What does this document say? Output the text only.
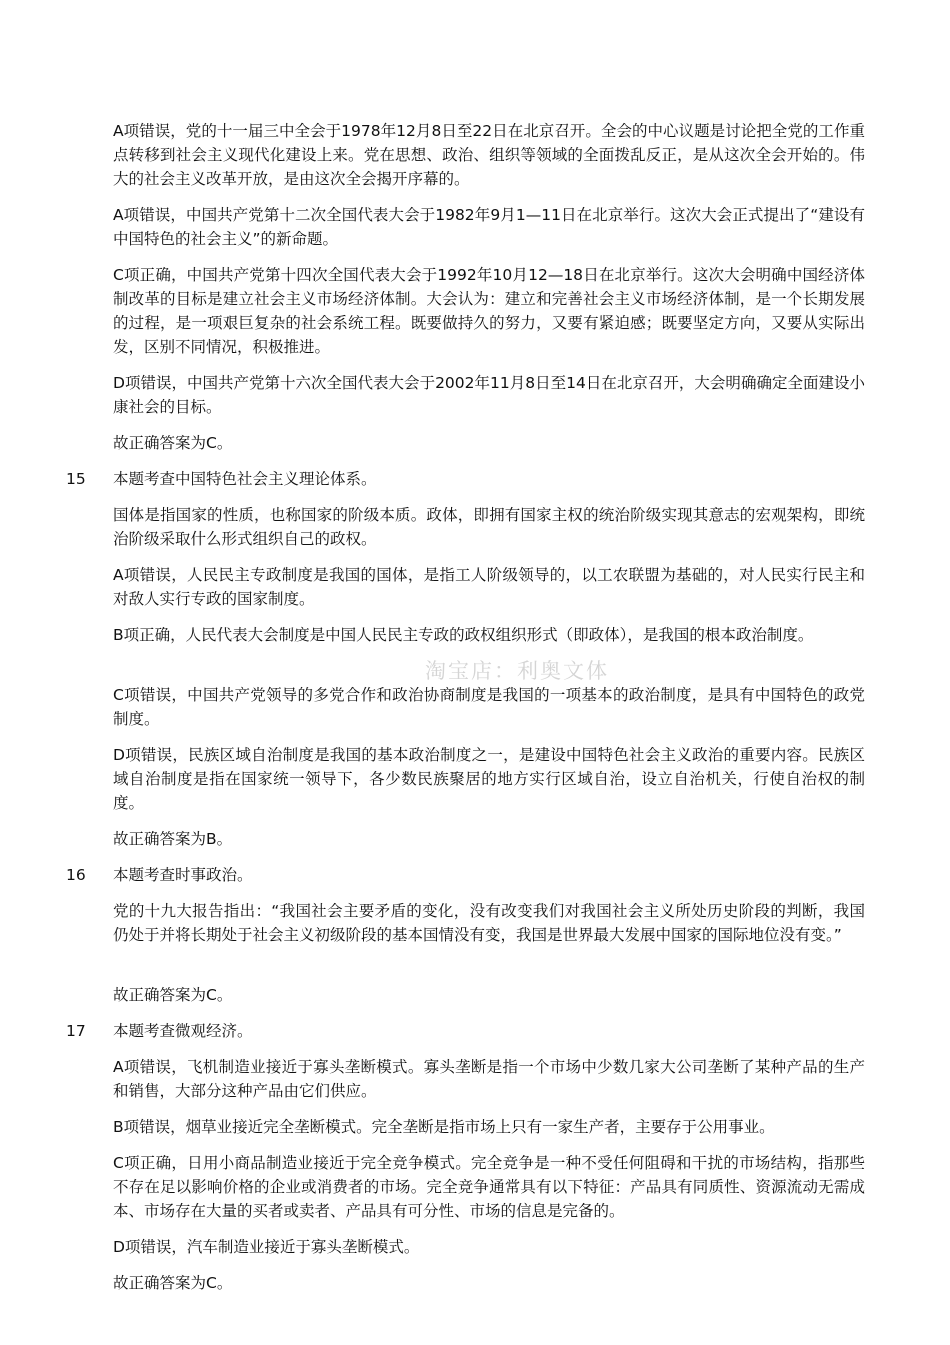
A项错误，党的十一届三中全会于1978年12月8日至22日在北京召开。全会的中心议题是讨论把全党的工作重点转移到社会主义现代化建设上来。党在思想、政治、组织等领域的全面拨乱反正，是从这次全会开始的。伟大的社会主义改革开放，是由这次全会揭开序幕的。

A项错误，中国共产党第十二次全国代表大会于1982年9月1—11日在北京举行。这次大会正式提出了“建设有中国特色的社会主义”的新命题。

C项正确，中国共产党第十四次全国代表大会于1992年10月12—18日在北京举行。这次大会明确中国经济体制改革的目标是建立社会主义市场经济体制。大会认为：建立和完善社会主义市场经济体制，是一个长期发展的过程，是一项艰巨复杂的社会系统工程。既要做持久的努力，又要有紧迫感；既要坚定方向，又要从实际出发，区别不同情况，积极推进。

D项错误，中国共产党第十六次全国代表大会于2002年11月8日至14日在北京召开，大会明确确定全面建设小康社会的目标。

故正确答案为C。

15 本题考查中国特色社会主义理论体系。

国体是指国家的性质，也称国家的阶级本质。政体，即拥有国家主权的统治阶级实现其意志的宏观架构，即统治阶级采取什么形式组织自己的政权。

A项错误，人民民主专政制度是我国的国体，是指工人阶级领导的，以工农联盟为基础的，对人民实行民主和对敌人实行专政的国家制度。

B项正确，人民代表大会制度是中国人民民主专政的政权组织形式（即政体），是我国的根本政治制度。

C项错误，中国共产党领导的多党合作和政治协商制度是我国的一项基本的政治制度，是具有中国特色的政党制度。

D项错误，民族区域自治制度是我国的基本政治制度之一，是建设中国特色社会主义政治的重要内容。民族区域自治制度是指在国家统一领导下，各少数民族聚居的地方实行区域自治，设立自治机关，行使自治权的制度。

故正确答案为B。

16 本题考查时事政治。

党的十九大报告指出：“我国社会主要矛盾的变化，没有改变我们对我国社会主义所处历史阶段的判断，我国仍处于并将长期处于社会主义初级阶段的基本国情没有变，我国是世界最大发展中国家的国际地位没有变。”

故正确答案为C。

17 本题考查微观经济。

A项错误，飞机制造业接近于寡头垄断模式。寡头垄断是指一个市场中少数几家大公司垄断了某种产品的生产和销售，大部分这种产品由它们供应。

B项错误，烟草业接近完全垄断模式。完全垄断是指市场上只有一家生产者，主要存于公用事业。

C项正确，日用小商品制造业接近于完全竞争模式。完全竞争是一种不受任何阻碍和干扰的市场结构，指那些不存在足以影响价格的企业或消费者的市场。完全竞争通常具有以下特征：产品具有同质性、资源流动无需成本、市场存在大量的买者或卖者、产品具有可分性、市场的信息是完备的。

D项错误，汽车制造业接近于寡头垄断模式。

故正确答案为C。

淘宝店：利奥文体
